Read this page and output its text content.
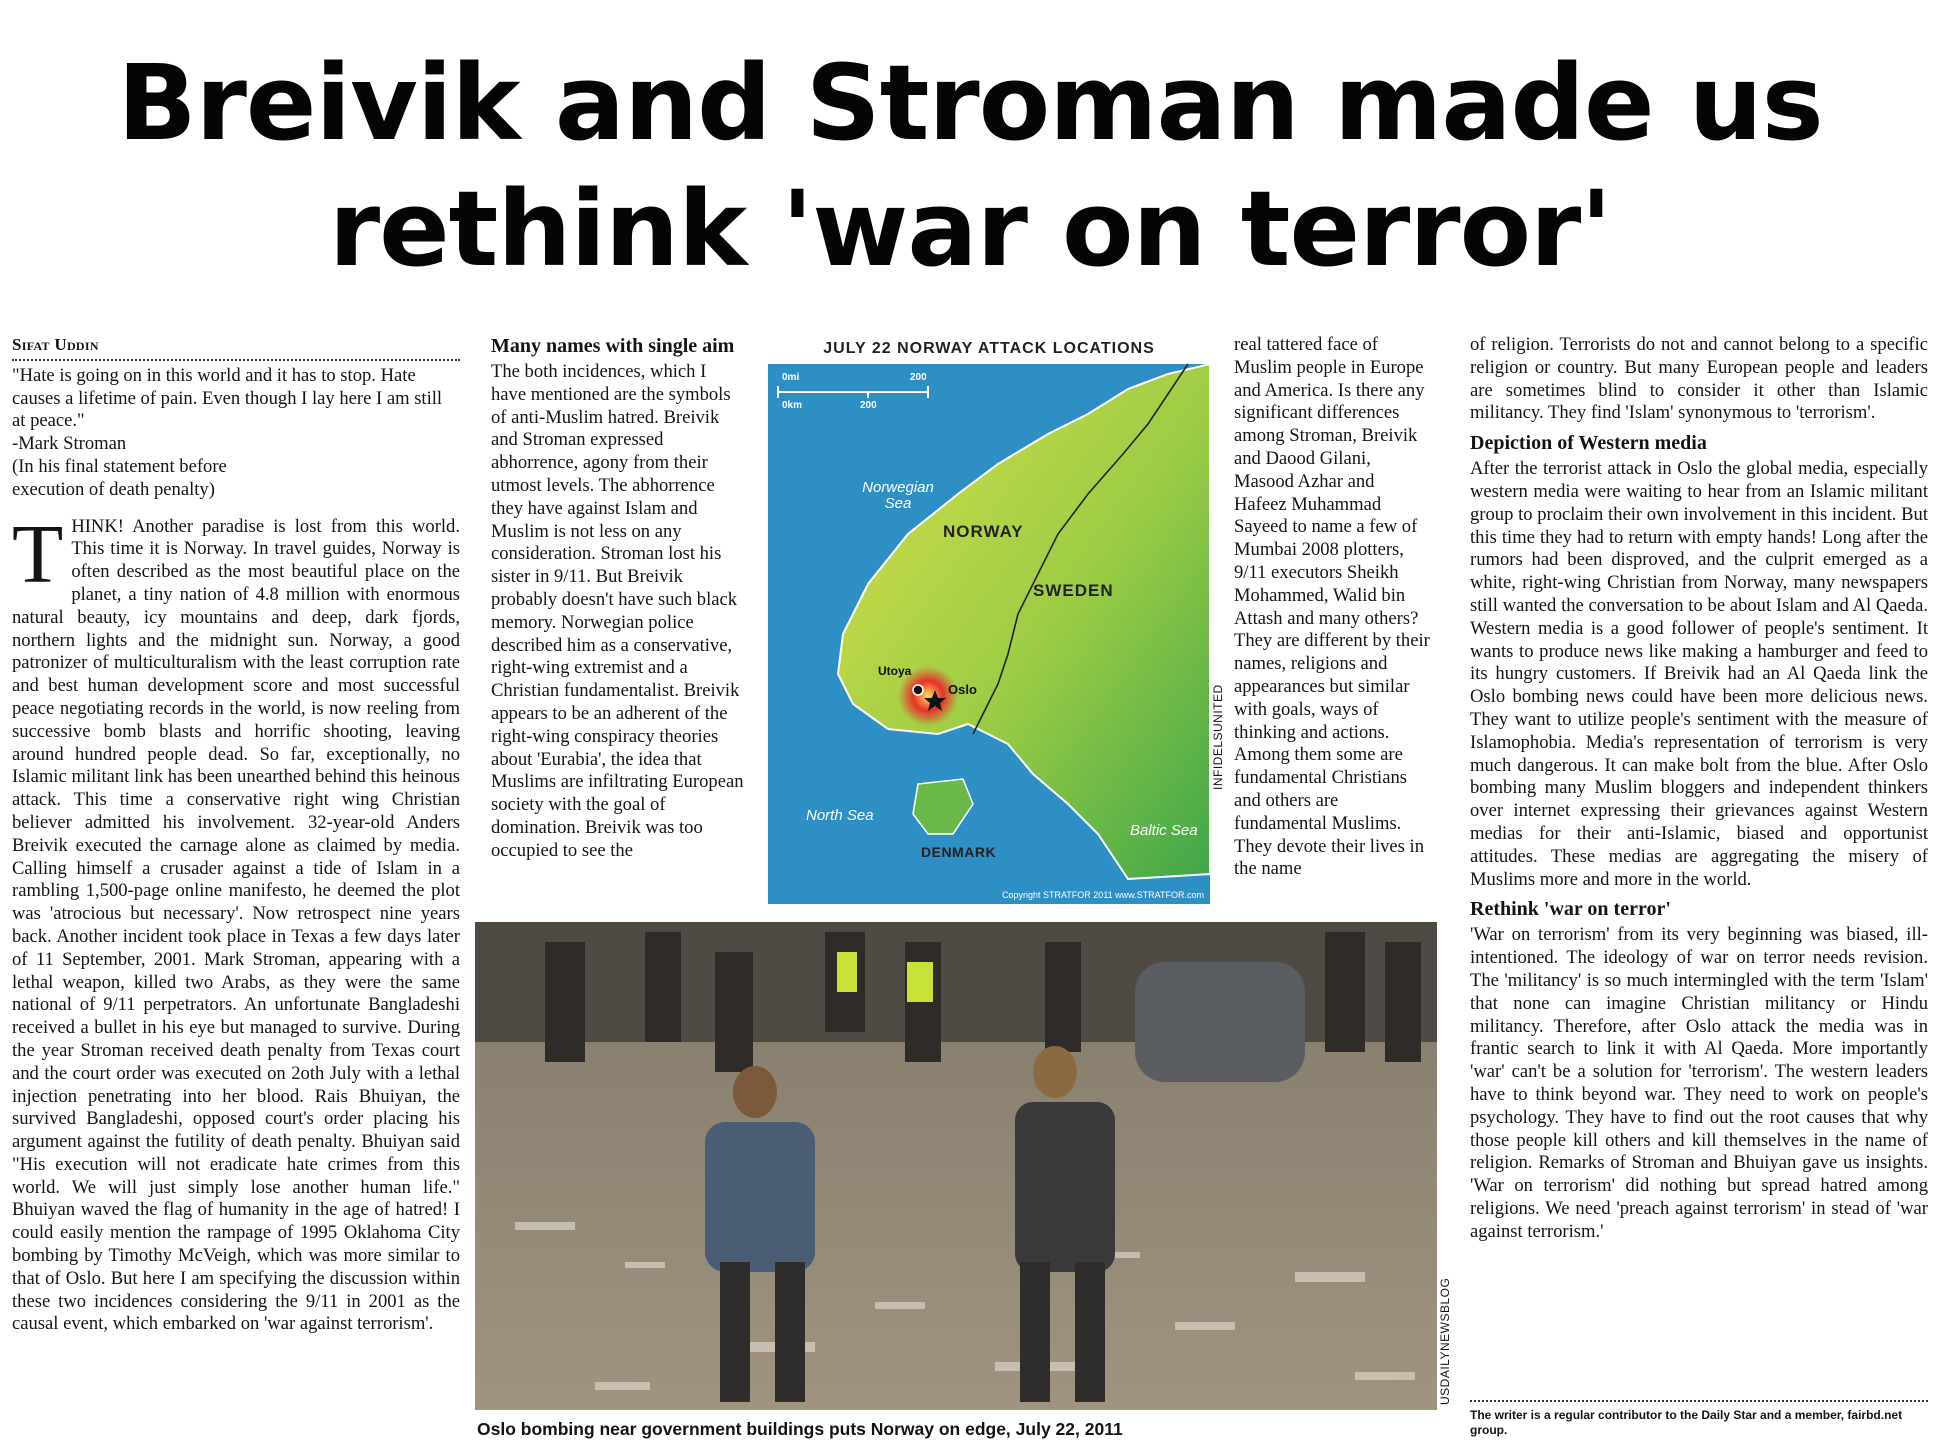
Breivik and Stroman made us
rethink 'war on terror'
Sifat Uddin
"Hate is going on in this world and it has to stop. Hate causes a lifetime of pain. Even though I lay here I am still at peace."
-Mark Stroman
(In his final statement before
execution of death penalty)
THINK! Another paradise is lost from this world. This time it is Norway. In travel guides, Norway is often described as the most beautiful place on the planet, a tiny nation of 4.8 million with enormous natural beauty, icy mountains and deep, dark fjords, northern lights and the midnight sun. Norway, a good patronizer of multiculturalism with the least corruption rate and best human development score and most successful peace negotiating records in the world, is now reeling from successive bomb blasts and horrific shooting, leaving around hundred people dead. So far, exceptionally, no Islamic militant link has been unearthed behind this heinous attack. This time a conservative right wing Christian believer admitted his involvement. 32-year-old Anders Breivik executed the carnage alone as claimed by media. Calling himself a crusader against a tide of Islam in a rambling 1,500-page online manifesto, he deemed the plot was 'atrocious but necessary'. Now retrospect nine years back. Another incident took place in Texas a few days later of 11 September, 2001. Mark Stroman, appearing with a lethal weapon, killed two Arabs, as they were the same national of 9/11 perpetrators. An unfortunate Bangladeshi received a bullet in his eye but managed to survive. During the year Stroman received death penalty from Texas court and the court order was executed on 2oth July with a lethal injection penetrating into her blood. Rais Bhuiyan, the survived Bangladeshi, opposed court's order placing his argument against the futility of death penalty. Bhuiyan said "His execution will not eradicate hate crimes from this world. We will just simply lose another human life." Bhuiyan waved the flag of humanity in the age of hatred! I could easily mention the rampage of 1995 Oklahoma City bombing by Timothy McVeigh, which was more similar to that of Oslo. But here I am specifying the discussion within these two incidences considering the 9/11 in 2001 as the causal event, which embarked on 'war against terrorism'.
Many names with single aim
The both incidences, which I have mentioned are the symbols of anti-Muslim hatred. Breivik and Stroman expressed abhorrence, agony from their utmost levels. The abhorrence they have against Islam and Muslim is not less on any consideration. Stroman lost his sister in 9/11. But Breivik probably doesn't have such black memory. Norwegian police described him as a conservative, right-wing extremist and a Christian fundamentalist. Breivik appears to be an adherent of the right-wing conspiracy theories about 'Eurabia', the idea that Muslims are infiltrating European society with the goal of domination. Breivik was too occupied to see the
JULY 22 NORWAY ATTACK LOCATIONS
0mi	200
0km	200
Norwegian
Sea
NORWAY
SWEDEN
Utoya
Oslo
North Sea
Baltic Sea
DENMARK
Copyright STRATFOR 2011 www.STRATFOR.com
INFIDELSUNITED
real tattered face of Muslim people in Europe and America. Is there any significant differences among Stroman, Breivik and Daood Gilani, Masood Azhar and Hafeez Muhammad Sayeed to name a few of Mumbai 2008 plotters, 9/11 executors Sheikh Mohammed, Walid bin Attash and many others? They are different by their names, religions and appearances but similar with goals, ways of thinking and actions. Among them some are fundamental Christians and others are fundamental Muslims. They devote their lives in the name
of religion. Terrorists do not and cannot belong to a specific religion or country. But many European people and leaders are sometimes blind to consider it other than Islamic militancy. They find 'Islam' synonymous to 'terrorism'.
Depiction of Western media
After the terrorist attack in Oslo the global media, especially western media were waiting to hear from an Islamic militant group to proclaim their own involvement in this incident. But this time they had to return with empty hands! Long after the rumors had been disproved, and the culprit emerged as a white, right-wing Christian from Norway, many newspapers still wanted the conversation to be about Islam and Al Qaeda. Western media is a good follower of people's sentiment. It wants to produce news like making a hamburger and feed to its hungry customers. If Breivik had an Al Qaeda link the Oslo bombing news could have been more delicious news. They want to utilize people's sentiment with the measure of Islamophobia. Media's representation of terrorism is very much dangerous. It can make bolt from the blue. After Oslo bombing many Muslim bloggers and independent thinkers over internet expressing their grievances against Western medias for their anti-Islamic, biased and opportunist attitudes. These medias are aggregating the misery of Muslims more and more in the world.
Rethink 'war on terror'
'War on terrorism' from its very beginning was biased, ill-intentioned. The ideology of war on terror needs revision. The 'militancy' is so much intermingled with the term 'Islam' that none can imagine Christian militancy or Hindu militancy. Therefore, after Oslo attack the media was in frantic search to link it with Al Qaeda. More importantly 'war' can't be a solution for 'terrorism'. The western leaders have to think beyond war. They need to work on people's psychology. They have to find out the root causes that why those people kill others and kill themselves in the name of religion. Remarks of Stroman and Bhuiyan gave us insights. 'War on terrorism' did nothing but spread hatred among religions. We need 'preach against terrorism' in stead of 'war against terrorism.'
USDAILYNEWSBLOG
Oslo bombing near government buildings puts Norway on edge, July 22, 2011
The writer is a regular contributor to the Daily Star and a member, fairbd.net group.
